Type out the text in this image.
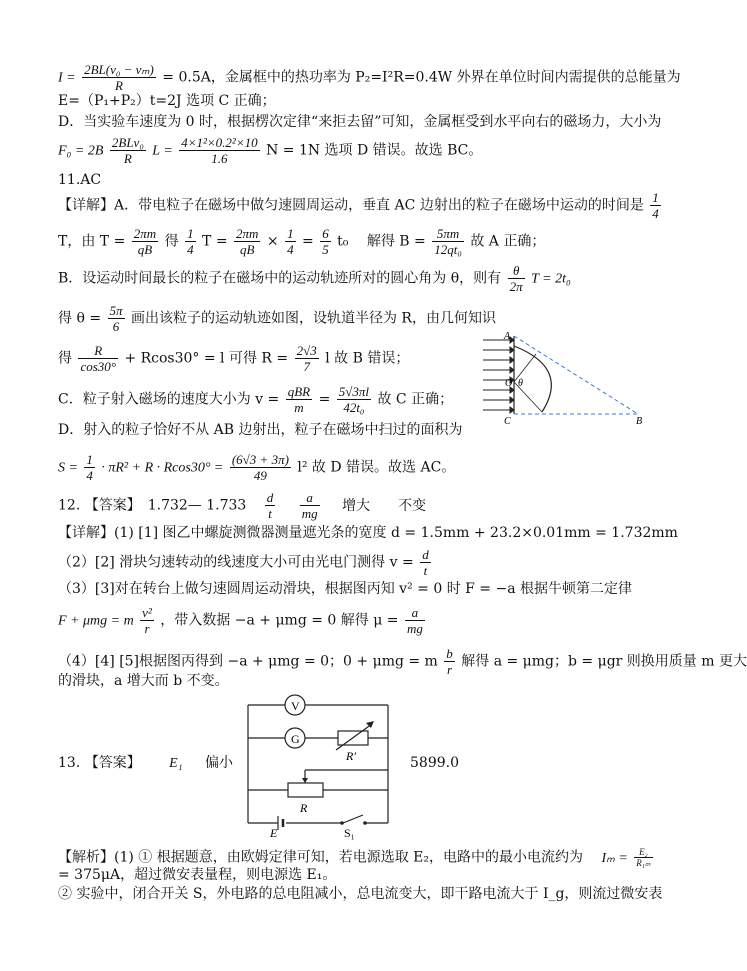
$I = \frac{\text{2BL(v₀ − vₘ)}}{R} = 0.5A$，金属框中的热功率为 P₂=I²R=0.4W 外界在单位时间内需提供的总能量为
E=（P₁+P₂）t=2J 选项 C 正确；
D．当实验车速度为 0 时，根据楞次定律“来拒去留”可知，金属框受到水平向右的磁场力，大小为
$F_0 = 2B \frac{\text{2BLv₀}}{R}$ $L = \frac{\text{4×1²×0.2²×10}}{1.6}$ N = 1N 选项 D 错误。故选 BC。
11.AC
【详解】A．带电粒子在磁场中做匀速圆周运动，垂直 AC 边射出的粒子在磁场中运动的时间是 $\frac{1}{4}$
T，由 $T = \frac{2\pi m}{qB}$ 得 $\frac{1}{4}$ $T = \frac{2\pi m}{qB} \times \frac{1}{4} = \frac{6}{5} t_0$　 解得 $B = \frac{5\pi m}{\text{12qt₀}}$ 故 A 正确；
B．设运动时间最长的粒子在磁场中的运动轨迹所对的圆心角为 θ，则有 $\frac{\theta}{2\pi}$ T = 2t₀
得 $\theta = \frac{5\pi}{6}$ 画出该粒子的运动轨迹如图，设轨道半径为 R，由几何知识
得 $\frac{R}{\cos 30^\circ} + Rcos30^\circ = l$ 可得 $R = \frac{2√3}{7}$ l 故 B 错误；
C．粒子射入磁场的速度大小为 $v = \frac{\text{qBR}}{m} = \frac{5√3\pi l}{\text{42t₀}}$ 故 C 正确；
D．射入的粒子恰好不从 AB 边射出，粒子在磁场中扫过的面积为
$S = \frac{1}{4} \cdot \pi R^2 + R \cdot Rcos30^\circ = \frac{(6√3 + 3\pi)}{49} l^2$ 故 D 错误。故选 AC。
12. 【答案】　1.732— $1.733 \frac{d}{t}$
$\frac{a}{mg}$ 增大　　不变
【详解】(1) [1] 图乙中螺旋测微器测量遮光条的宽度 d = 1.5mm + 23.2×0.01mm = 1.732mm
（2）[2] 滑块匀速转动的线速度大小可由光电门测得 $v = \frac{d}{t}$
（3）[3]对在转台上做匀速圆周运动滑块，根据图丙知 v² = 0 时 F = −a 根据牛顿第二定律
F + μmg = m $\frac{\text{v²}}{r}$ ，带入数据 −a + μmg = 0 解得 $\mu = \frac{a}{mg}$
（4）[4] [5]根据图丙得到 −a + μmg = 0；0 + μmg = m $\frac{b}{r}$ 解得 a = μmg；b = μgr 则换用质量 m 更大
的滑块，a 增大而 b 不变。
13. 【答案】 E₁ 偏小	5899.0
【解析】(1) ① 根据题意，由欧姆定律可知，若电源选取 E₂，电路中的最小电流约为 $I_m = \frac{\text{E₂}}{\text{R₁ₘ}}$
= 375μA，超过微安表量程，则电源选 E₁。
② 实验中，闭合开关 S，外电路的总电阻减小，总电流变大，即干路电流大于 I_g，则流过微安表
A
C	B
O θ
V
G
R′
R
E	S₁
